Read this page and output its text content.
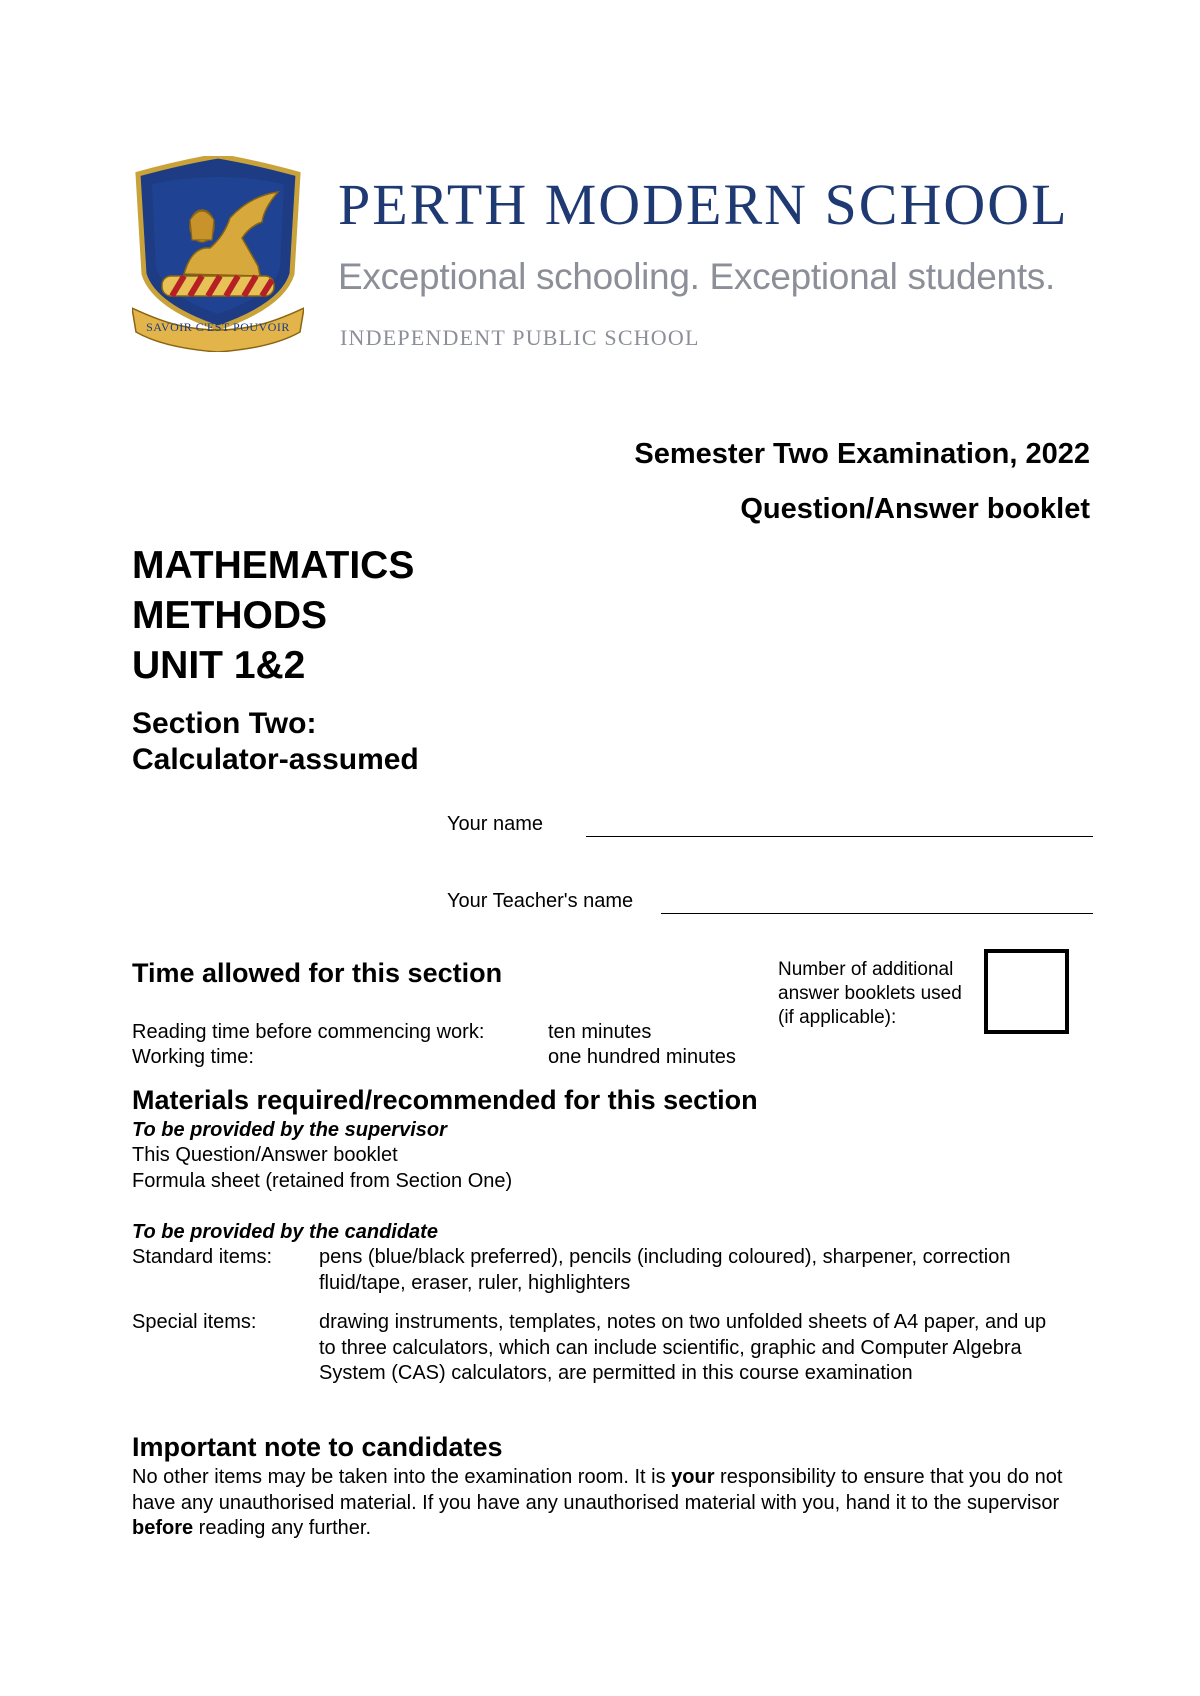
SAVOIR C'EST POUVOIR
PERTH MODERN SCHOOL
Exceptional schooling. Exceptional students.
INDEPENDENT PUBLIC SCHOOL
Semester Two Examination, 2022
Question/Answer booklet
MATHEMATICS
METHODS
UNIT 1&2
Section Two:
Calculator-assumed
Your name
Your Teacher's name
Time allowed for this section
Reading time before commencing work:	ten minutes
Working time:	one hundred minutes
Number of additional
answer booklets used
(if applicable):
Materials required/recommended for this section
To be provided by the supervisor
This Question/Answer booklet
Formula sheet (retained from Section One)
To be provided by the candidate
Standard items: pens (blue/black preferred), pencils (including coloured), sharpener, correction fluid/tape, eraser, ruler, highlighters
Special items:	drawing instruments, templates, notes on two unfolded sheets of A4 paper, and up to three calculators, which can include scientific, graphic and Computer Algebra System (CAS) calculators, are permitted in this course examination
Important note to candidates
No other items may be taken into the examination room. It is your responsibility to ensure that you do not have any unauthorised material. If you have any unauthorised material with you, hand it to the supervisor before reading any further.
